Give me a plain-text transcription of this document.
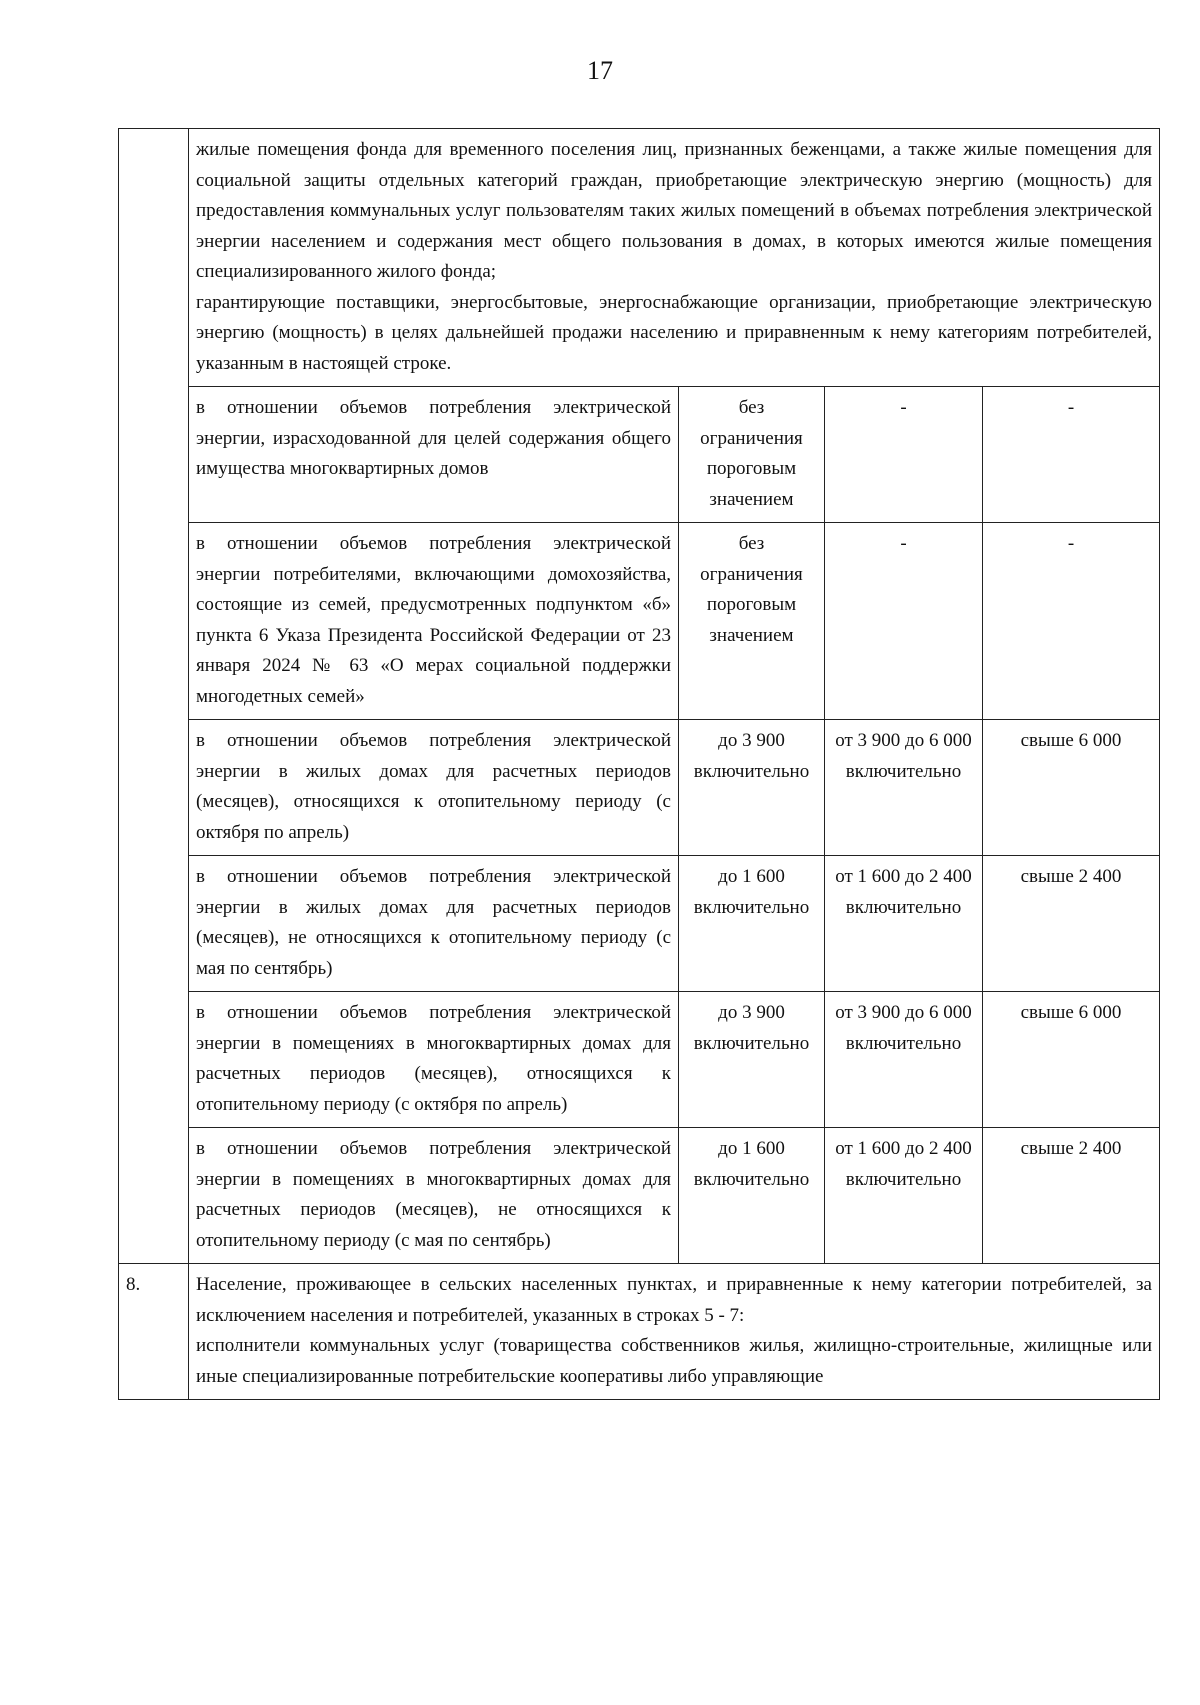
17

	жилые помещения фонда для временного поселения лиц, признанных беженцами, а также жилые помещения для социальной защиты отдельных категорий граждан, приобретающие электрическую энергию (мощность) для предоставления коммунальных услуг пользователям таких жилых помещений в объемах потребления электрической энергии населением и содержания мест общего пользования в домах, в которых имеются жилые помещения специализированного жилого фонда;

гарантирующие поставщики, энергосбытовые, энергоснабжающие организации, приобретающие электрическую энергию (мощность) в целях дальнейшей продажи населению и приравненным к нему категориям потребителей, указанным в настоящей строке.			

	в отношении объемов потребления электрической энергии, израсходованной для целей содержания общего имущества многоквартирных домов	без ограничения пороговым значением	-	-
	в отношении объемов потребления электрической энергии потребителями, включающими домохозяйства, состоящие из семей, предусмотренных подпунктом «б» пункта 6 Указа Президента Российской Федерации от 23 января 2024 № 63 «О мерах социальной поддержки многодетных семей»	без ограничения пороговым значением	-	-
	в отношении объемов потребления электрической энергии в жилых домах для расчетных периодов (месяцев), относящихся к отопительному периоду (с октября по апрель)	до 3 900 включительно	от 3 900 до 6 000 включительно	свыше 6 000
	в отношении объемов потребления электрической энергии в жилых домах для расчетных периодов (месяцев), не относящихся к отопительному периоду (с мая по сентябрь)	до 1 600 включительно	от 1 600 до 2 400 включительно	свыше 2 400
	в отношении объемов потребления электрической энергии в помещениях в многоквартирных домах для расчетных периодов (месяцев), относящихся к отопительному периоду (с октября по апрель)	до 3 900 включительно	от 3 900 до 6 000 включительно	свыше 6 000
	в отношении объемов потребления электрической энергии в помещениях в многоквартирных домах для расчетных периодов (месяцев), не относящихся к отопительному периоду (с мая по сентябрь)	до 1 600 включительно	от 1 600 до 2 400 включительно	свыше 2 400
8.	Население, проживающее в сельских населенных пунктах, и приравненные к нему категории потребителей, за исключением населения и потребителей, указанных в строках 5 - 7:

исполнители коммунальных услуг (товарищества собственников жилья, жилищно-строительные, жилищные или иные специализированные потребительские кооперативы либо управляющие			
